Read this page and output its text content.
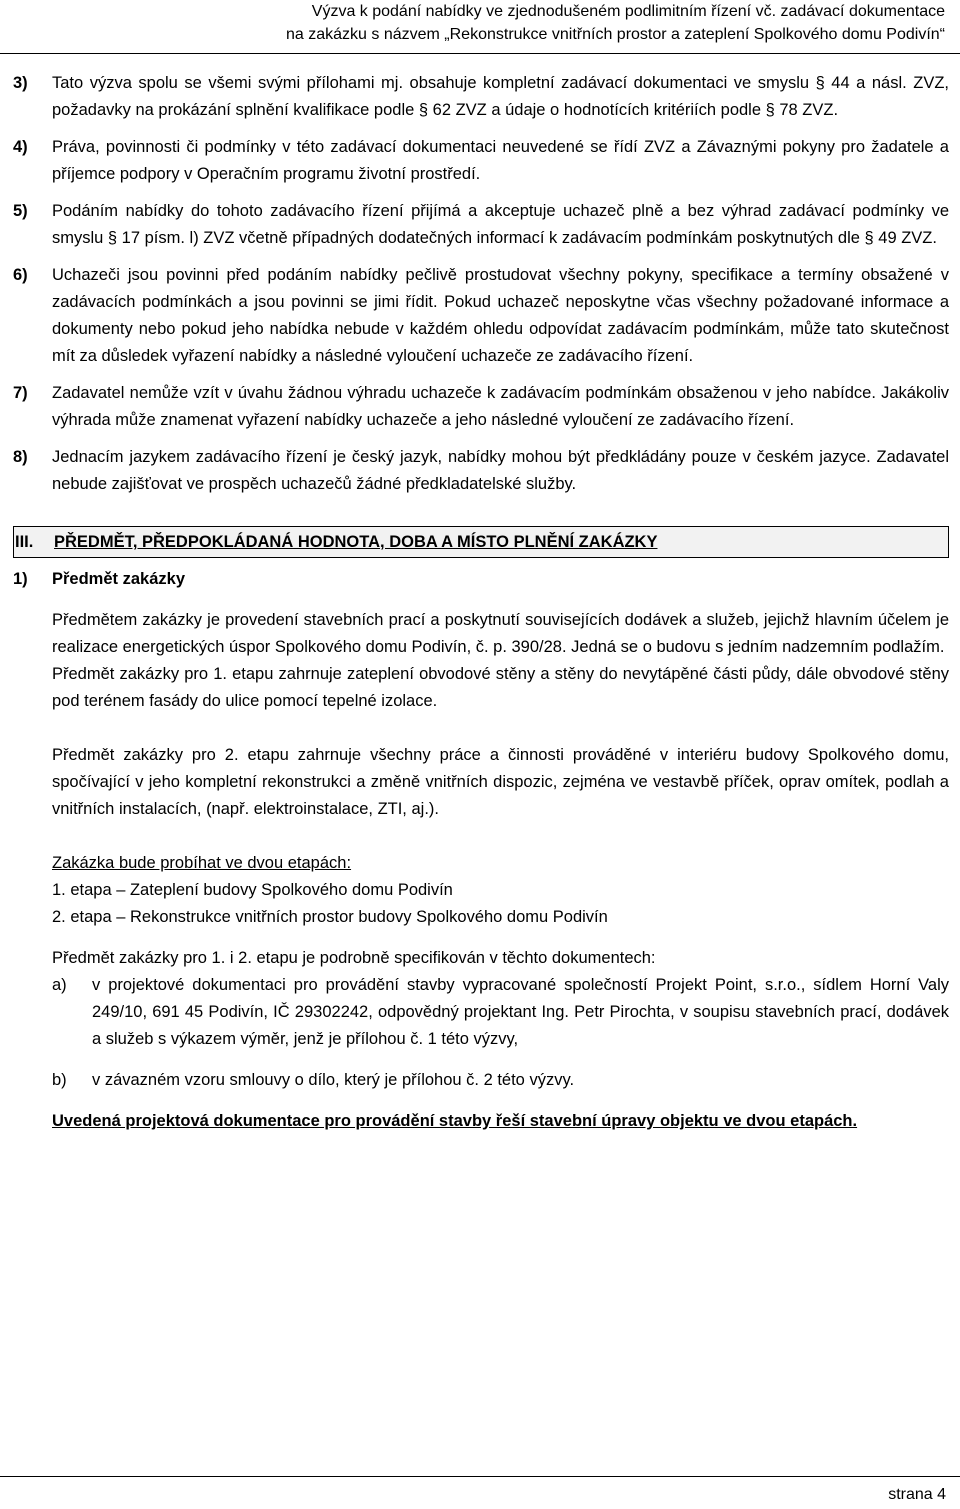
Výzva k podání nabídky ve zjednodušeném podlimitním řízení vč. zadávací dokumentace
na zakázku s názvem „Rekonstrukce vnitřních prostor a zateplení Spolkového domu Podivín“
3)	Tato výzva spolu se všemi svými přílohami mj. obsahuje kompletní zadávací dokumentaci ve smyslu § 44 a násl. ZVZ, požadavky na prokázání splnění kvalifikace podle § 62 ZVZ a údaje o hodnotících kritériích podle § 78 ZVZ.
4)	Práva, povinnosti či podmínky v této zadávací dokumentaci neuvedené se řídí ZVZ a Závaznými pokyny pro žadatele a příjemce podpory v Operačním programu životní prostředí.
5)	Podáním nabídky do tohoto zadávacího řízení přijímá a akceptuje uchazeč plně a bez výhrad zadávací podmínky ve smyslu § 17 písm. l) ZVZ včetně případných dodatečných informací k zadávacím podmínkám poskytnutých dle § 49 ZVZ.
6)	Uchazeči jsou povinni před podáním nabídky pečlivě prostudovat všechny pokyny, specifikace a termíny obsažené v zadávacích podmínkách a jsou povinni se jimi řídit. Pokud uchazeč neposkytne včas všechny požadované informace a dokumenty nebo pokud jeho nabídka nebude v každém ohledu odpovídat zadávacím podmínkám, může tato skutečnost mít za důsledek vyřazení nabídky a následné vyloučení uchazeče ze zadávacího řízení.
7)	Zadavatel nemůže vzít v úvahu žádnou výhradu uchazeče k zadávacím podmínkám obsaženou v jeho nabídce. Jakákoliv výhrada může znamenat vyřazení nabídky uchazeče a jeho následné vyloučení ze zadávacího řízení.
8)	Jednacím jazykem zadávacího řízení je český jazyk, nabídky mohou být předkládány pouze v českém jazyce. Zadavatel nebude zajišťovat ve prospěch uchazečů žádné předkladatelské služby.
III.	PŘEDMĚT, PŘEDPOKLÁDANÁ HODNOTA, DOBA A MÍSTO PLNĚNÍ ZAKÁZKY
1)	Předmět zakázky
Předmětem zakázky je provedení stavebních prací a poskytnutí souvisejících dodávek a služeb, jejichž hlavním účelem je realizace energetických úspor Spolkového domu Podivín, č. p. 390/28. Jedná se o budovu s jedním nadzemním podlažím.
Předmět zakázky pro 1. etapu zahrnuje zateplení obvodové stěny a stěny do nevytápěné části půdy, dále obvodové stěny pod terénem fasády do ulice pomocí tepelné izolace.
Předmět zakázky pro 2. etapu zahrnuje všechny práce a činnosti prováděné v interiéru budovy Spolkového domu, spočívající v jeho kompletní rekonstrukci a změně vnitřních dispozic, zejména ve vestavbě příček, oprav omítek, podlah a vnitřních instalacích, (např. elektroinstalace, ZTI, aj.).
Zakázka bude probíhat ve dvou etapách:
1. etapa – Zateplení budovy Spolkového domu Podivín
2. etapa – Rekonstrukce vnitřních prostor budovy Spolkového domu Podivín
Předmět zakázky pro 1. i 2. etapu je podrobně specifikován v těchto dokumentech:
a)	v projektové dokumentaci pro provádění stavby vypracované společností Projekt Point, s.r.o., sídlem Horní Valy 249/10, 691 45 Podivín, IČ 29302242, odpovědný projektant Ing. Petr Pirochta, v soupisu stavebních prací, dodávek a služeb s výkazem výměr, jenž je přílohou č. 1 této výzvy,
b)	v závazném vzoru smlouvy o dílo, který je přílohou č. 2 této výzvy.
Uvedená projektová dokumentace pro provádění stavby řeší stavební úpravy objektu ve dvou etapách.
strana 4
